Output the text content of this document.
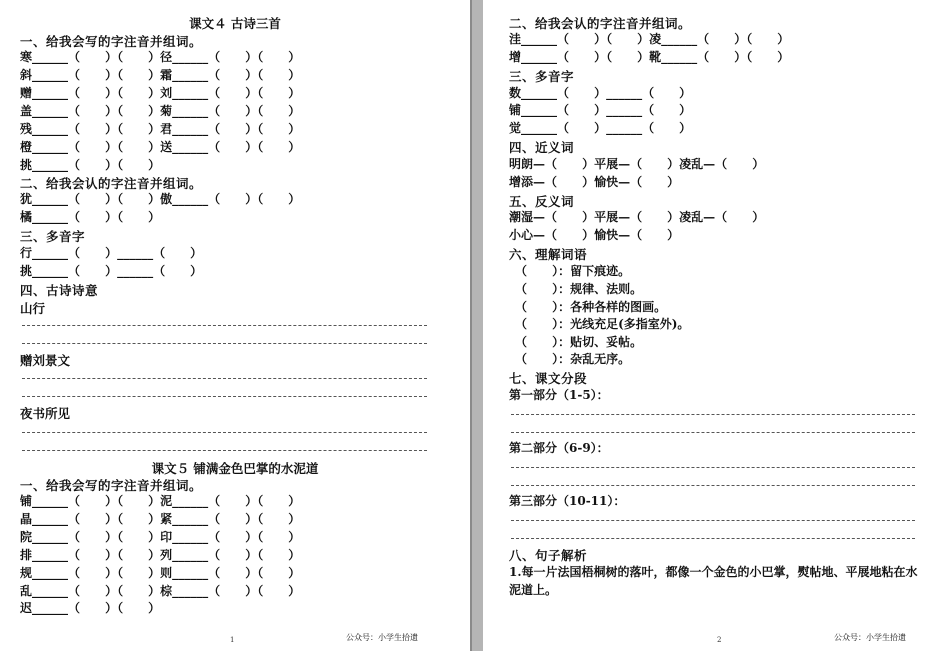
课文４ 古诗三首
一、给我会写的字注音并组词。
寒______（      ）（      ）径______（      ）（      ）
斜______（      ）（      ）霜______（      ）（      ）
赠______（      ）（      ）刘______（      ）（      ）
盖______（      ）（      ）菊______（      ）（      ）
残______（      ）（      ）君______（      ）（      ）
橙______（      ）（      ）送______（      ）（      ）
挑______（      ）（      ）
二、给我会认的字注音并组词。
犹______（      ）（      ）傲______（      ）（      ）
橘______（      ）（      ）
三、多音字
行______（      ）______（      ）
挑______（      ）______（      ）
四、古诗诗意
山行
赠刘景文
夜书所见
课文５ 铺满金色巴掌的水泥道
一、给我会写的字注音并组词。
铺______（      ）（      ）泥______（      ）（      ）
晶______（      ）（      ）紧______（      ）（      ）
院______（      ）（      ）印______（      ）（      ）
排______（      ）（      ）列______（      ）（      ）
规______（      ）（      ）则______（      ）（      ）
乱______（      ）（      ）棕______（      ）（      ）
迟______（      ）（      ）
1	公众号：小学生拾遗
二、给我会认的字注音并组词。
洼______（      ）（      ）凌______（      ）（      ）
增______（      ）（      ）靴______（      ）（      ）
三、多音字
数______（      ）______（      ）
铺______（      ）______（      ）
觉______（      ）______（      ）
四、近义词
明朗—（      ）平展—（      ）凌乱—（      ）
增添—（      ）愉快—（      ）
五、反义词
潮湿—（      ）平展—（      ）凌乱—（      ）
小心—（      ）愉快—（      ）
六、理解词语
（      ）：留下痕迹。
（      ）：规律、法则。
（      ）：各种各样的图画。
（      ）：光线充足(多指室外)。
（      ）：贴切、妥帖。
（      ）：杂乱无序。
七、课文分段
第一部分（1-5）：
第二部分（6-9）：
第三部分（10-11）：
八、句子解析
1.每一片法国梧桐树的落叶，都像一个金色的小巴掌，熨帖地、平展地粘在水泥道上。
2	公众号：小学生拾遗
